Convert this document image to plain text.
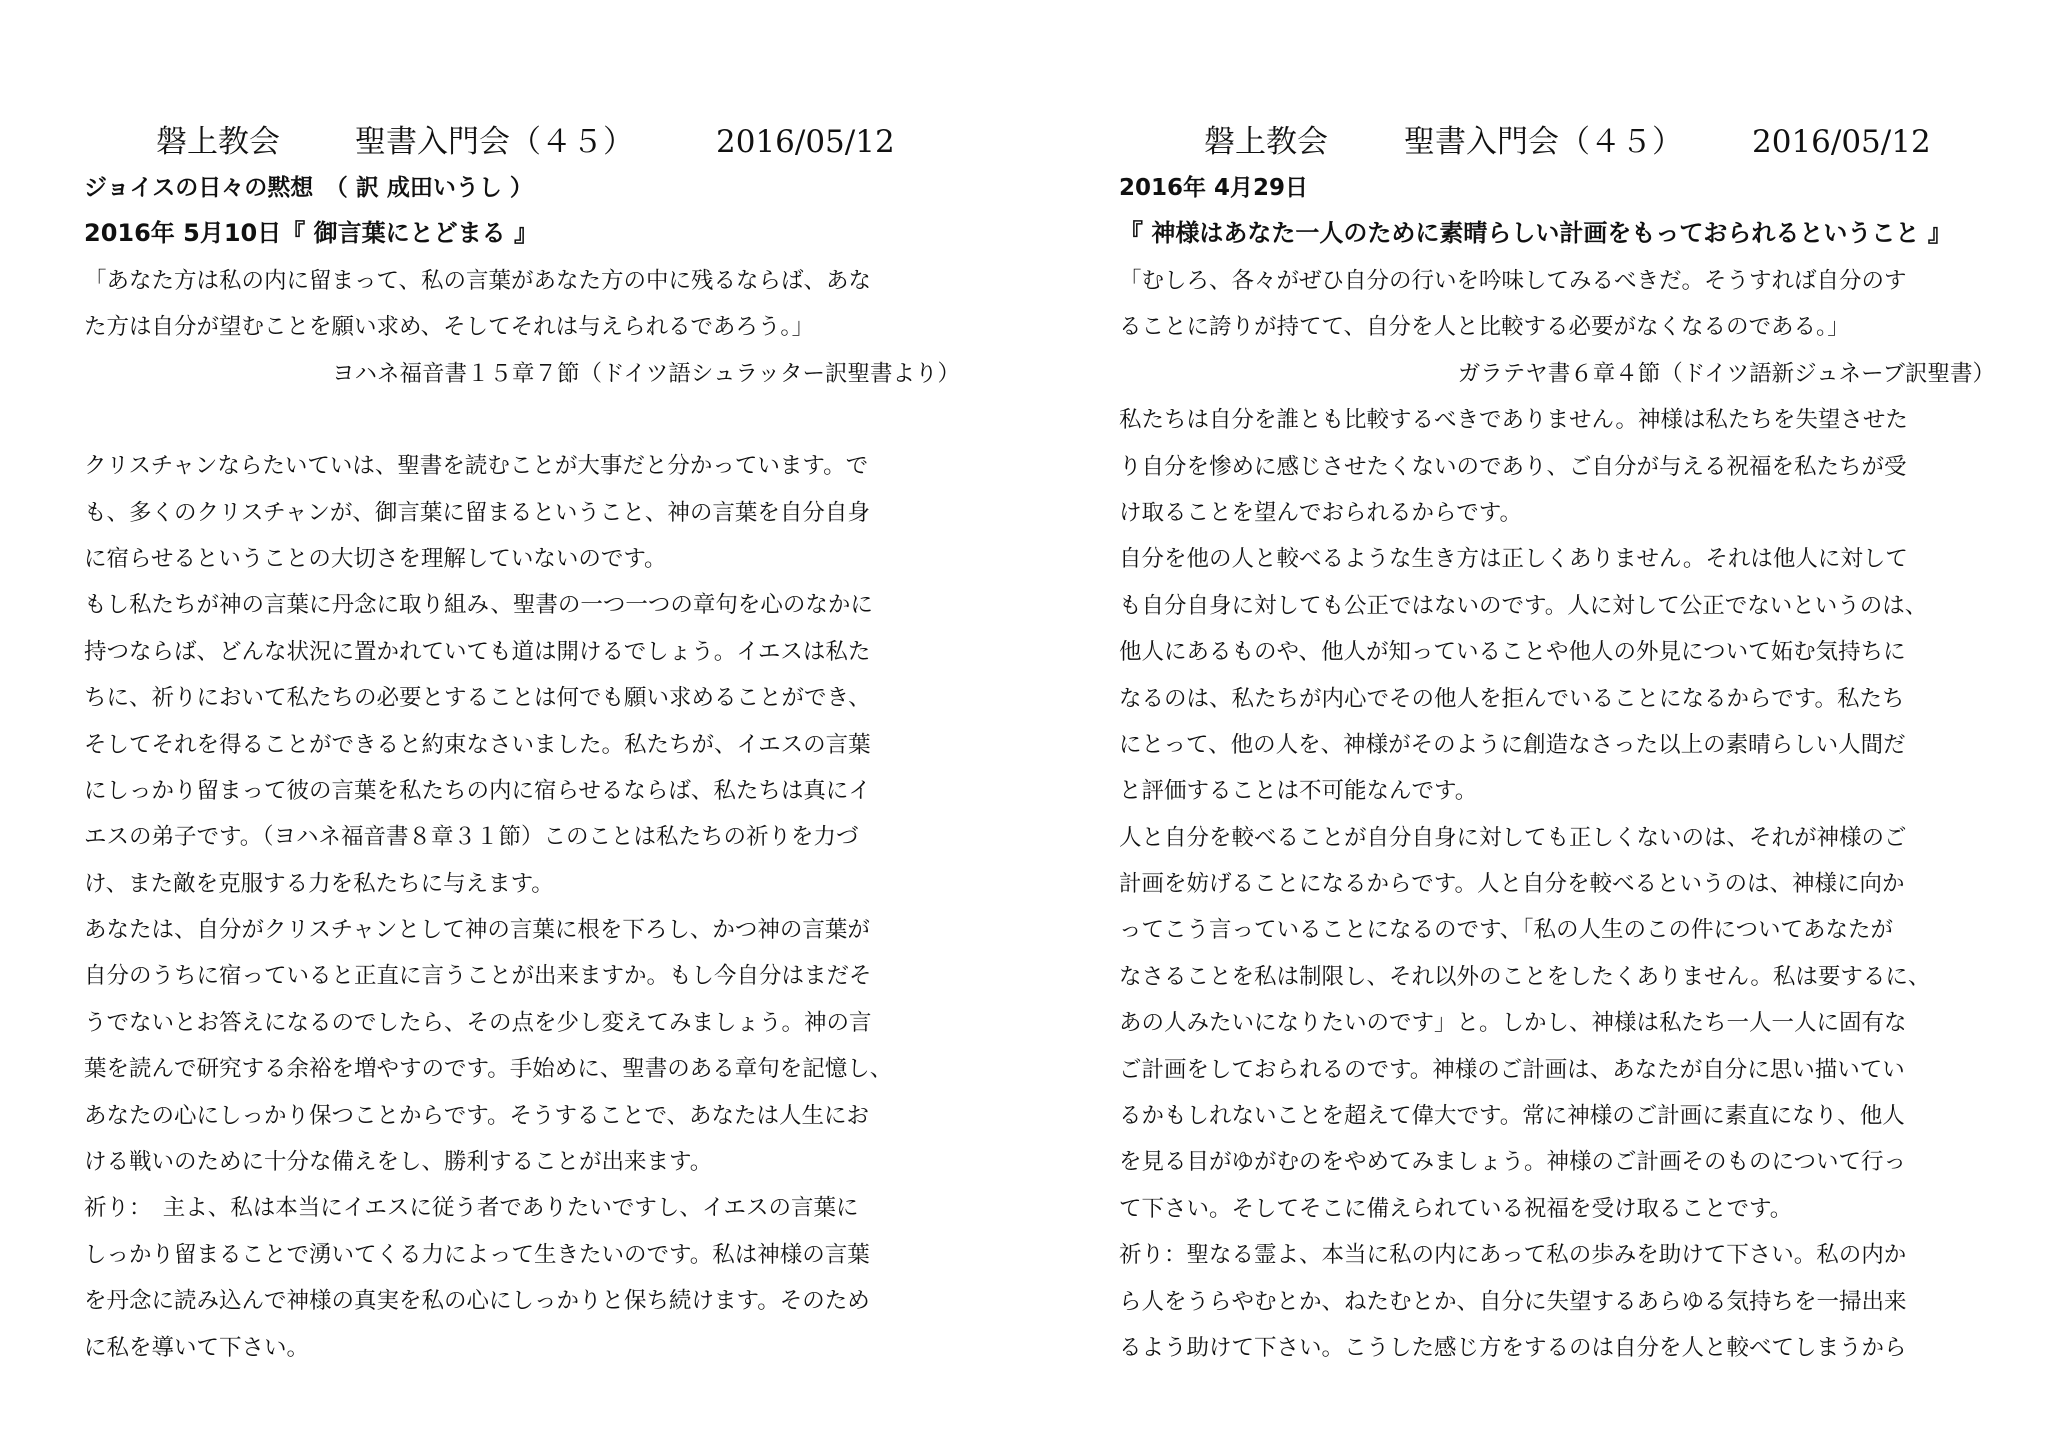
磐上教会 聖書入門会（４５）	2016/05/12
ジョイスの日々の黙想　（ 訳 成田いうし ）
2016年 5月10日『 御言葉にとどまる 』
「あなた方は私の内に留まって、私の言葉があなた方の中に残るならば、あな
た方は自分が望むことを願い求め、そしてそれは与えられるであろう。」
ヨハネ福音書１５章７節（ドイツ語シュラッター訳聖書より）
クリスチャンならたいていは、聖書を読むことが大事だと分かっています。で
も、多くのクリスチャンが、御言葉に留まるということ、神の言葉を自分自身
に宿らせるということの大切さを理解していないのです。
もし私たちが神の言葉に丹念に取り組み、聖書の一つ一つの章句を心のなかに
持つならば、どんな状況に置かれていても道は開けるでしょう。イエスは私た
ちに、祈りにおいて私たちの必要とすることは何でも願い求めることができ、
そしてそれを得ることができると約束なさいました。私たちが、イエスの言葉
にしっかり留まって彼の言葉を私たちの内に宿らせるならば、私たちは真にイ
エスの弟子です。（ヨハネ福音書８章３１節）このことは私たちの祈りを力づ
け、また敵を克服する力を私たちに与えます。
あなたは、自分がクリスチャンとして神の言葉に根を下ろし、かつ神の言葉が
自分のうちに宿っていると正直に言うことが出来ますか。もし今自分はまだそ
うでないとお答えになるのでしたら、その点を少し変えてみましょう。神の言
葉を読んで研究する余裕を増やすのです。手始めに、聖書のある章句を記憶し、
あなたの心にしっかり保つことからです。そうすることで、あなたは人生にお
ける戦いのために十分な備えをし、勝利することが出来ます。
祈り：　主よ、私は本当にイエスに従う者でありたいですし、イエスの言葉に
しっかり留まることで湧いてくる力によって生きたいのです。私は神様の言葉
を丹念に読み込んで神様の真実を私の心にしっかりと保ち続けます。そのため
に私を導いて下さい。
磐上教会 聖書入門会（４５） 2016/05/12
2016年 4月29日
『 神様はあなた一人のために素晴らしい計画をもっておられるということ 』
「むしろ、各々がぜひ自分の行いを吟味してみるべきだ。そうすれば自分のす
ることに誇りが持てて、自分を人と比較する必要がなくなるのである。」
ガラテヤ書６章４節（ドイツ語新ジュネーブ訳聖書）
私たちは自分を誰とも比較するべきでありません。神様は私たちを失望させた
り自分を惨めに感じさせたくないのであり、ご自分が与える祝福を私たちが受
け取ることを望んでおられるからです。
自分を他の人と較べるような生き方は正しくありません。それは他人に対して
も自分自身に対しても公正ではないのです。人に対して公正でないというのは、
他人にあるものや、他人が知っていることや他人の外見について妬む気持ちに
なるのは、私たちが内心でその他人を拒んでいることになるからです。私たち
にとって、他の人を、神様がそのように創造なさった以上の素晴らしい人間だ
と評価することは不可能なんです。
人と自分を較べることが自分自身に対しても正しくないのは、それが神様のご
計画を妨げることになるからです。人と自分を較べるというのは、神様に向か
ってこう言っていることになるのです、「私の人生のこの件についてあなたが
なさることを私は制限し、それ以外のことをしたくありません。私は要するに、
あの人みたいになりたいのです」と。しかし、神様は私たち一人一人に固有な
ご計画をしておられるのです。神様のご計画は、あなたが自分に思い描いてい
るかもしれないことを超えて偉大です。常に神様のご計画に素直になり、他人
を見る目がゆがむのをやめてみましょう。神様のご計画そのものについて行っ
て下さい。そしてそこに備えられている祝福を受け取ることです。
祈り：聖なる霊よ、本当に私の内にあって私の歩みを助けて下さい。私の内か
ら人をうらやむとか、ねたむとか、自分に失望するあらゆる気持ちを一掃出来
るよう助けて下さい。こうした感じ方をするのは自分を人と較べてしまうから
